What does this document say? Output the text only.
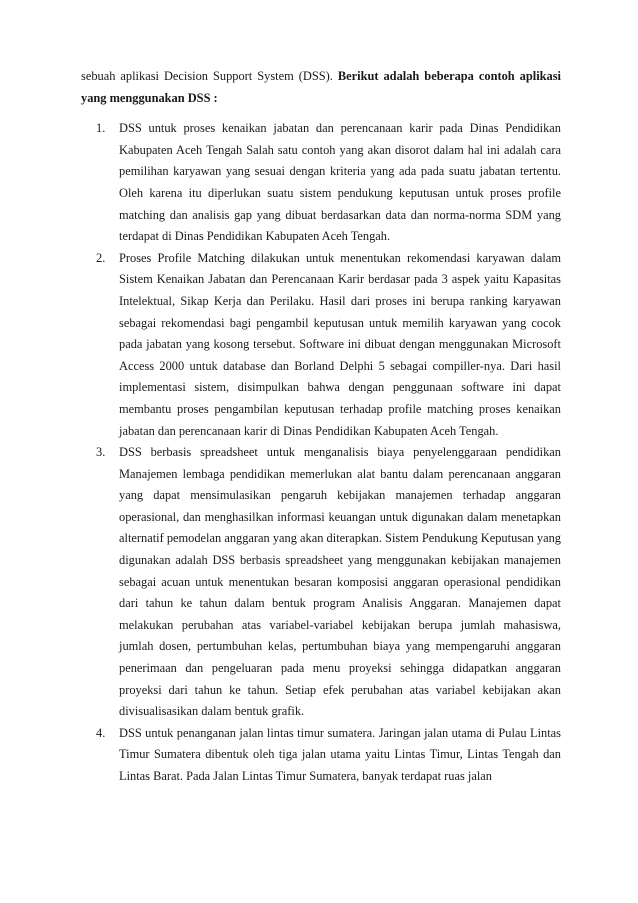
sebuah aplikasi Decision Support System (DSS). Berikut adalah beberapa contoh aplikasi yang menggunakan DSS :

1.	DSS untuk proses kenaikan jabatan dan perencanaan karir pada Dinas Pendidikan Kabupaten Aceh Tengah Salah satu contoh yang akan disorot dalam hal ini adalah cara pemilihan karyawan yang sesuai dengan kriteria yang ada pada suatu jabatan tertentu. Oleh karena itu diperlukan suatu sistem pendukung keputusan untuk proses profile matching dan analisis gap yang dibuat berdasarkan data dan norma-norma SDM yang terdapat di Dinas Pendidikan Kabupaten Aceh Tengah.
2.	Proses Profile Matching dilakukan untuk menentukan rekomendasi karyawan dalam Sistem Kenaikan Jabatan dan Perencanaan Karir berdasar pada 3 aspek yaitu Kapasitas Intelektual, Sikap Kerja dan Perilaku. Hasil dari proses ini berupa ranking karyawan sebagai rekomendasi bagi pengambil keputusan untuk memilih karyawan yang cocok pada jabatan yang kosong tersebut. Software ini dibuat dengan menggunakan Microsoft Access 2000 untuk database dan Borland Delphi 5 sebagai compiller-nya. Dari hasil implementasi sistem, disimpulkan bahwa dengan penggunaan software ini dapat membantu proses pengambilan keputusan terhadap profile matching proses kenaikan jabatan dan perencanaan karir di Dinas Pendidikan Kabupaten Aceh Tengah.
3.	DSS berbasis spreadsheet untuk menganalisis biaya penyelenggaraan pendidikan Manajemen lembaga pendidikan memerlukan alat bantu dalam perencanaan anggaran yang dapat mensimulasikan pengaruh kebijakan manajemen terhadap anggaran operasional, dan menghasilkan informasi keuangan untuk digunakan dalam menetapkan alternatif pemodelan anggaran yang akan diterapkan. Sistem Pendukung Keputusan yang digunakan adalah DSS berbasis spreadsheet yang menggunakan kebijakan manajemen sebagai acuan untuk menentukan besaran komposisi anggaran operasional pendidikan dari tahun ke tahun dalam bentuk program Analisis Anggaran. Manajemen dapat melakukan perubahan atas variabel-variabel kebijakan berupa jumlah mahasiswa, jumlah dosen, pertumbuhan kelas, pertumbuhan biaya yang mempengaruhi anggaran penerimaan dan pengeluaran pada menu proyeksi sehingga didapatkan anggaran proyeksi dari tahun ke tahun. Setiap efek perubahan atas variabel kebijakan akan divisualisasikan dalam bentuk grafik.
4.	DSS untuk penanganan jalan lintas timur sumatera. Jaringan jalan utama di Pulau Lintas Timur Sumatera dibentuk oleh tiga jalan utama yaitu Lintas Timur, Lintas Tengah dan Lintas Barat. Pada Jalan Lintas Timur Sumatera, banyak terdapat ruas jalan
